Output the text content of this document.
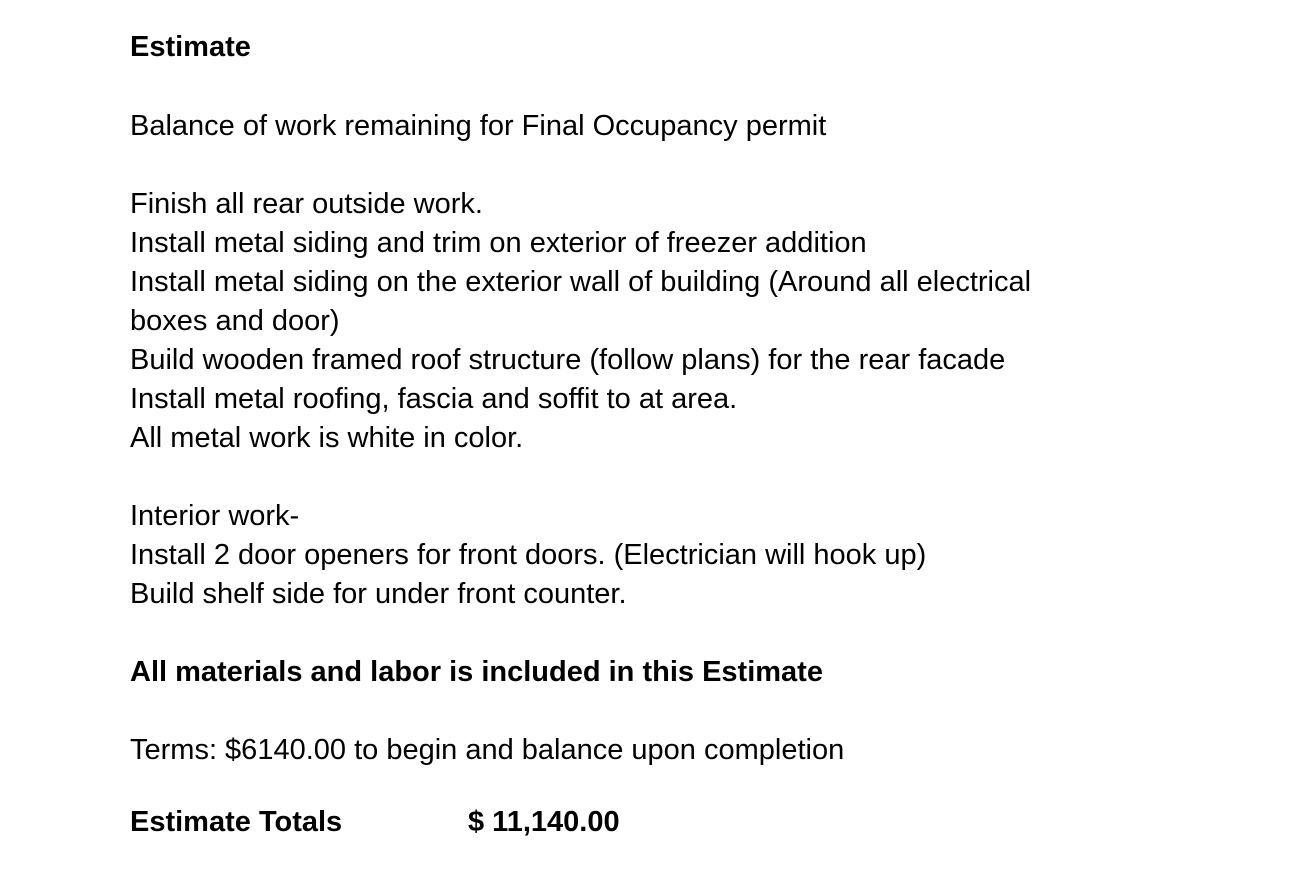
Estimate
Balance of work remaining for Final Occupancy permit
Finish all rear outside work.
Install metal siding and trim on exterior of freezer addition
Install metal siding on the exterior wall of building (Around all electrical
boxes and door)
Build wooden framed roof structure (follow plans) for the rear facade
Install metal roofing, fascia and soffit to at area.
All metal work is white in color.
Interior work-
Install 2 door openers for front doors. (Electrician will hook up)
Build shelf side for under front counter.
All materials and labor is included in this Estimate
Terms: $6140.00 to begin and balance upon completion
Estimate Totals	$ 11,140.00
